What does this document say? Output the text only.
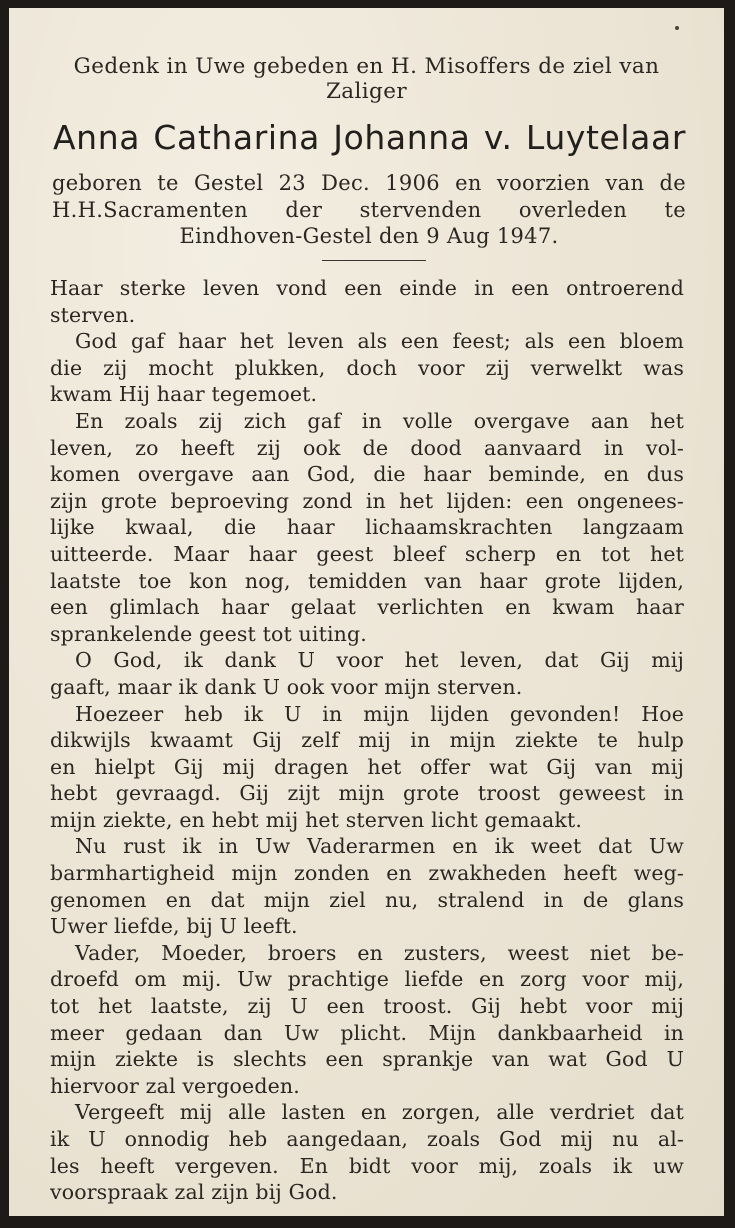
Gedenk in Uwe gebeden en H. Misoffers de ziel van
Zaliger
Anna Catharina Johanna v. Luytelaar
geboren te Gestel 23 Dec. 1906 en voorzien van de
H.H.Sacramenten der stervenden overleden te
Eindhoven-Gestel den 9 Aug 1947.
Haar sterke leven vond een einde in een ontroerend
sterven.
God gaf haar het leven als een feest; als een bloem
die zij mocht plukken, doch voor zij verwelkt was
kwam Hij haar tegemoet.
En zoals zij zich gaf in volle overgave aan het
leven, zo heeft zij ook de dood aanvaard in vol-
komen overgave aan God, die haar beminde, en dus
zijn grote beproeving zond in het lijden: een ongenees-
lijke kwaal, die haar lichaamskrachten langzaam
uitteerde. Maar haar geest bleef scherp en tot het
laatste toe kon nog, temidden van haar grote lijden,
een glimlach haar gelaat verlichten en kwam haar
sprankelende geest tot uiting.
O God, ik dank U voor het leven, dat Gij mij
gaaft, maar ik dank U ook voor mijn sterven.
Hoezeer heb ik U in mijn lijden gevonden! Hoe
dikwijls kwaamt Gij zelf mij in mijn ziekte te hulp
en hielpt Gij mij dragen het offer wat Gij van mij
hebt gevraagd. Gij zijt mijn grote troost geweest in
mijn ziekte, en hebt mij het sterven licht gemaakt.
Nu rust ik in Uw Vaderarmen en ik weet dat Uw
barmhartigheid mijn zonden en zwakheden heeft weg-
genomen en dat mijn ziel nu, stralend in de glans
Uwer liefde, bij U leeft.
Vader, Moeder, broers en zusters, weest niet be-
droefd om mij. Uw prachtige liefde en zorg voor mij,
tot het laatste, zij U een troost. Gij hebt voor mij
meer gedaan dan Uw plicht. Mijn dankbaarheid in
mijn ziekte is slechts een sprankje van wat God U
hiervoor zal vergoeden.
Vergeeft mij alle lasten en zorgen, alle verdriet dat
ik U onnodig heb aangedaan, zoals God mij nu al-
les heeft vergeven. En bidt voor mij, zoals ik uw
voorspraak zal zijn bij God.
